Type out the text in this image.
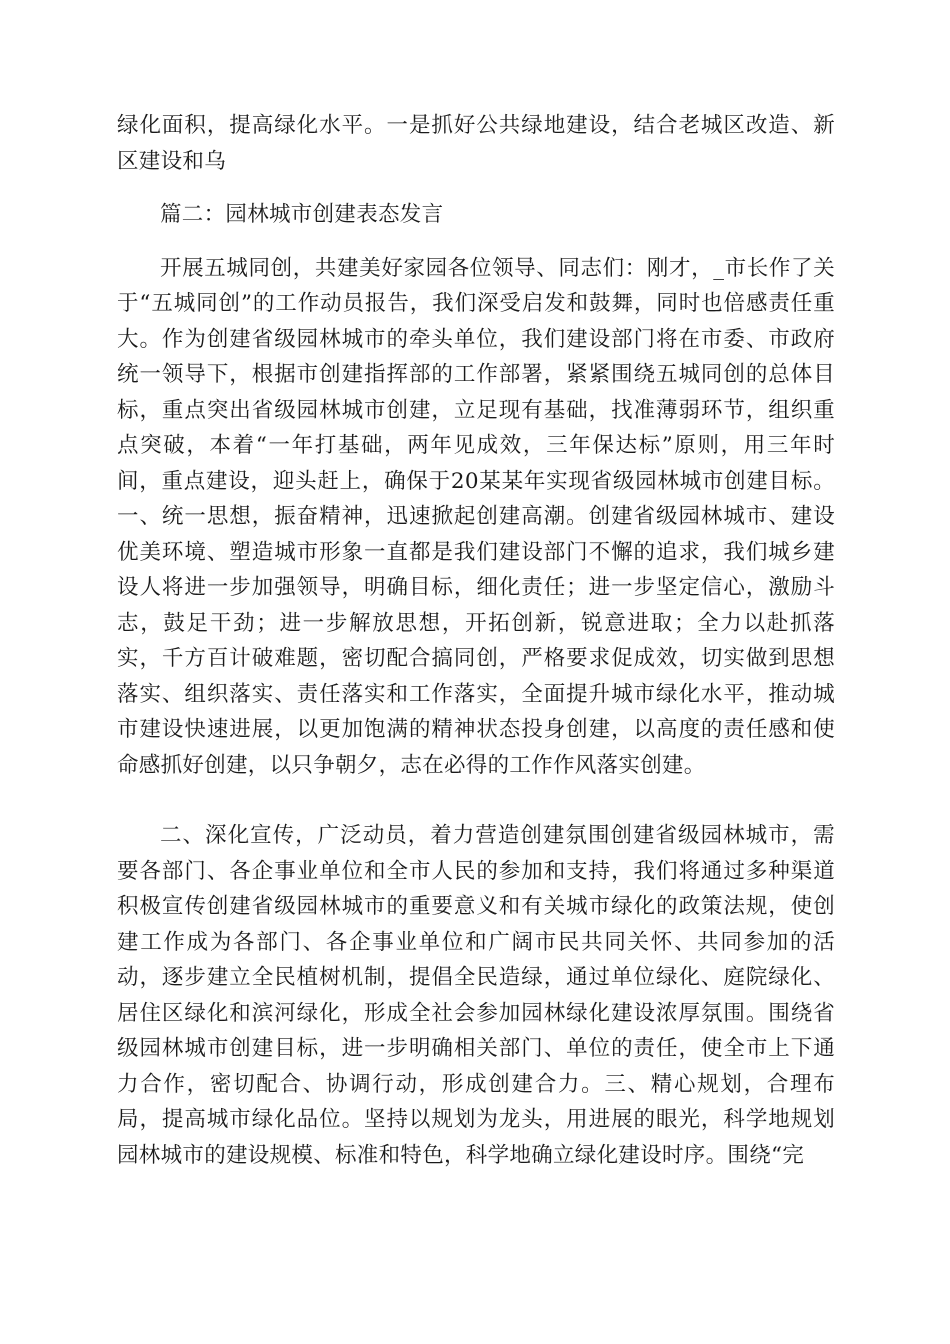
绿化面积，提高绿化水平。一是抓好公共绿地建设，结合老城区改造、新区建设和乌

篇二：园林城市创建表态发言

开展五城同创，共建美好家园各位领导、同志们：刚才，_市长作了关于“五城同创”的工作动员报告，我们深受启发和鼓舞，同时也倍感责任重大。作为创建省级园林城市的牵头单位，我们建设部门将在市委、市政府统一领导下，根据市创建指挥部的工作部署，紧紧围绕五城同创的总体目标，重点突出省级园林城市创建，立足现有基础，找准薄弱环节，组织重点突破，本着“一年打基础，两年见成效，三年保达标”原则，用三年时间，重点建设，迎头赶上，确保于20某某年实现省级园林城市创建目标。一、统一思想，振奋精神，迅速掀起创建高潮。创建省级园林城市、建设优美环境、塑造城市形象一直都是我们建设部门不懈的追求，我们城乡建设人将进一步加强领导，明确目标，细化责任；进一步坚定信心，激励斗志，鼓足干劲；进一步解放思想，开拓创新，锐意进取；全力以赴抓落实，千方百计破难题，密切配合搞同创，严格要求促成效，切实做到思想落实、组织落实、责任落实和工作落实，全面提升城市绿化水平，推动城市建设快速进展，以更加饱满的精神状态投身创建，以高度的责任感和使命感抓好创建，以只争朝夕，志在必得的工作作风落实创建。

二、深化宣传，广泛动员，着力营造创建氛围创建省级园林城市，需要各部门、各企事业单位和全市人民的参加和支持，我们将通过多种渠道积极宣传创建省级园林城市的重要意义和有关城市绿化的政策法规，使创建工作成为各部门、各企事业单位和广阔市民共同关怀、共同参加的活动，逐步建立全民植树机制，提倡全民造绿，通过单位绿化、庭院绿化、居住区绿化和滨河绿化，形成全社会参加园林绿化建设浓厚氛围。围绕省级园林城市创建目标，进一步明确相关部门、单位的责任，使全市上下通力合作，密切配合、协调行动，形成创建合力。三、精心规划，合理布局，提高城市绿化品位。坚持以规划为龙头，用进展的眼光，科学地规划园林城市的建设规模、标准和特色，科学地确立绿化建设时序。围绕“完
